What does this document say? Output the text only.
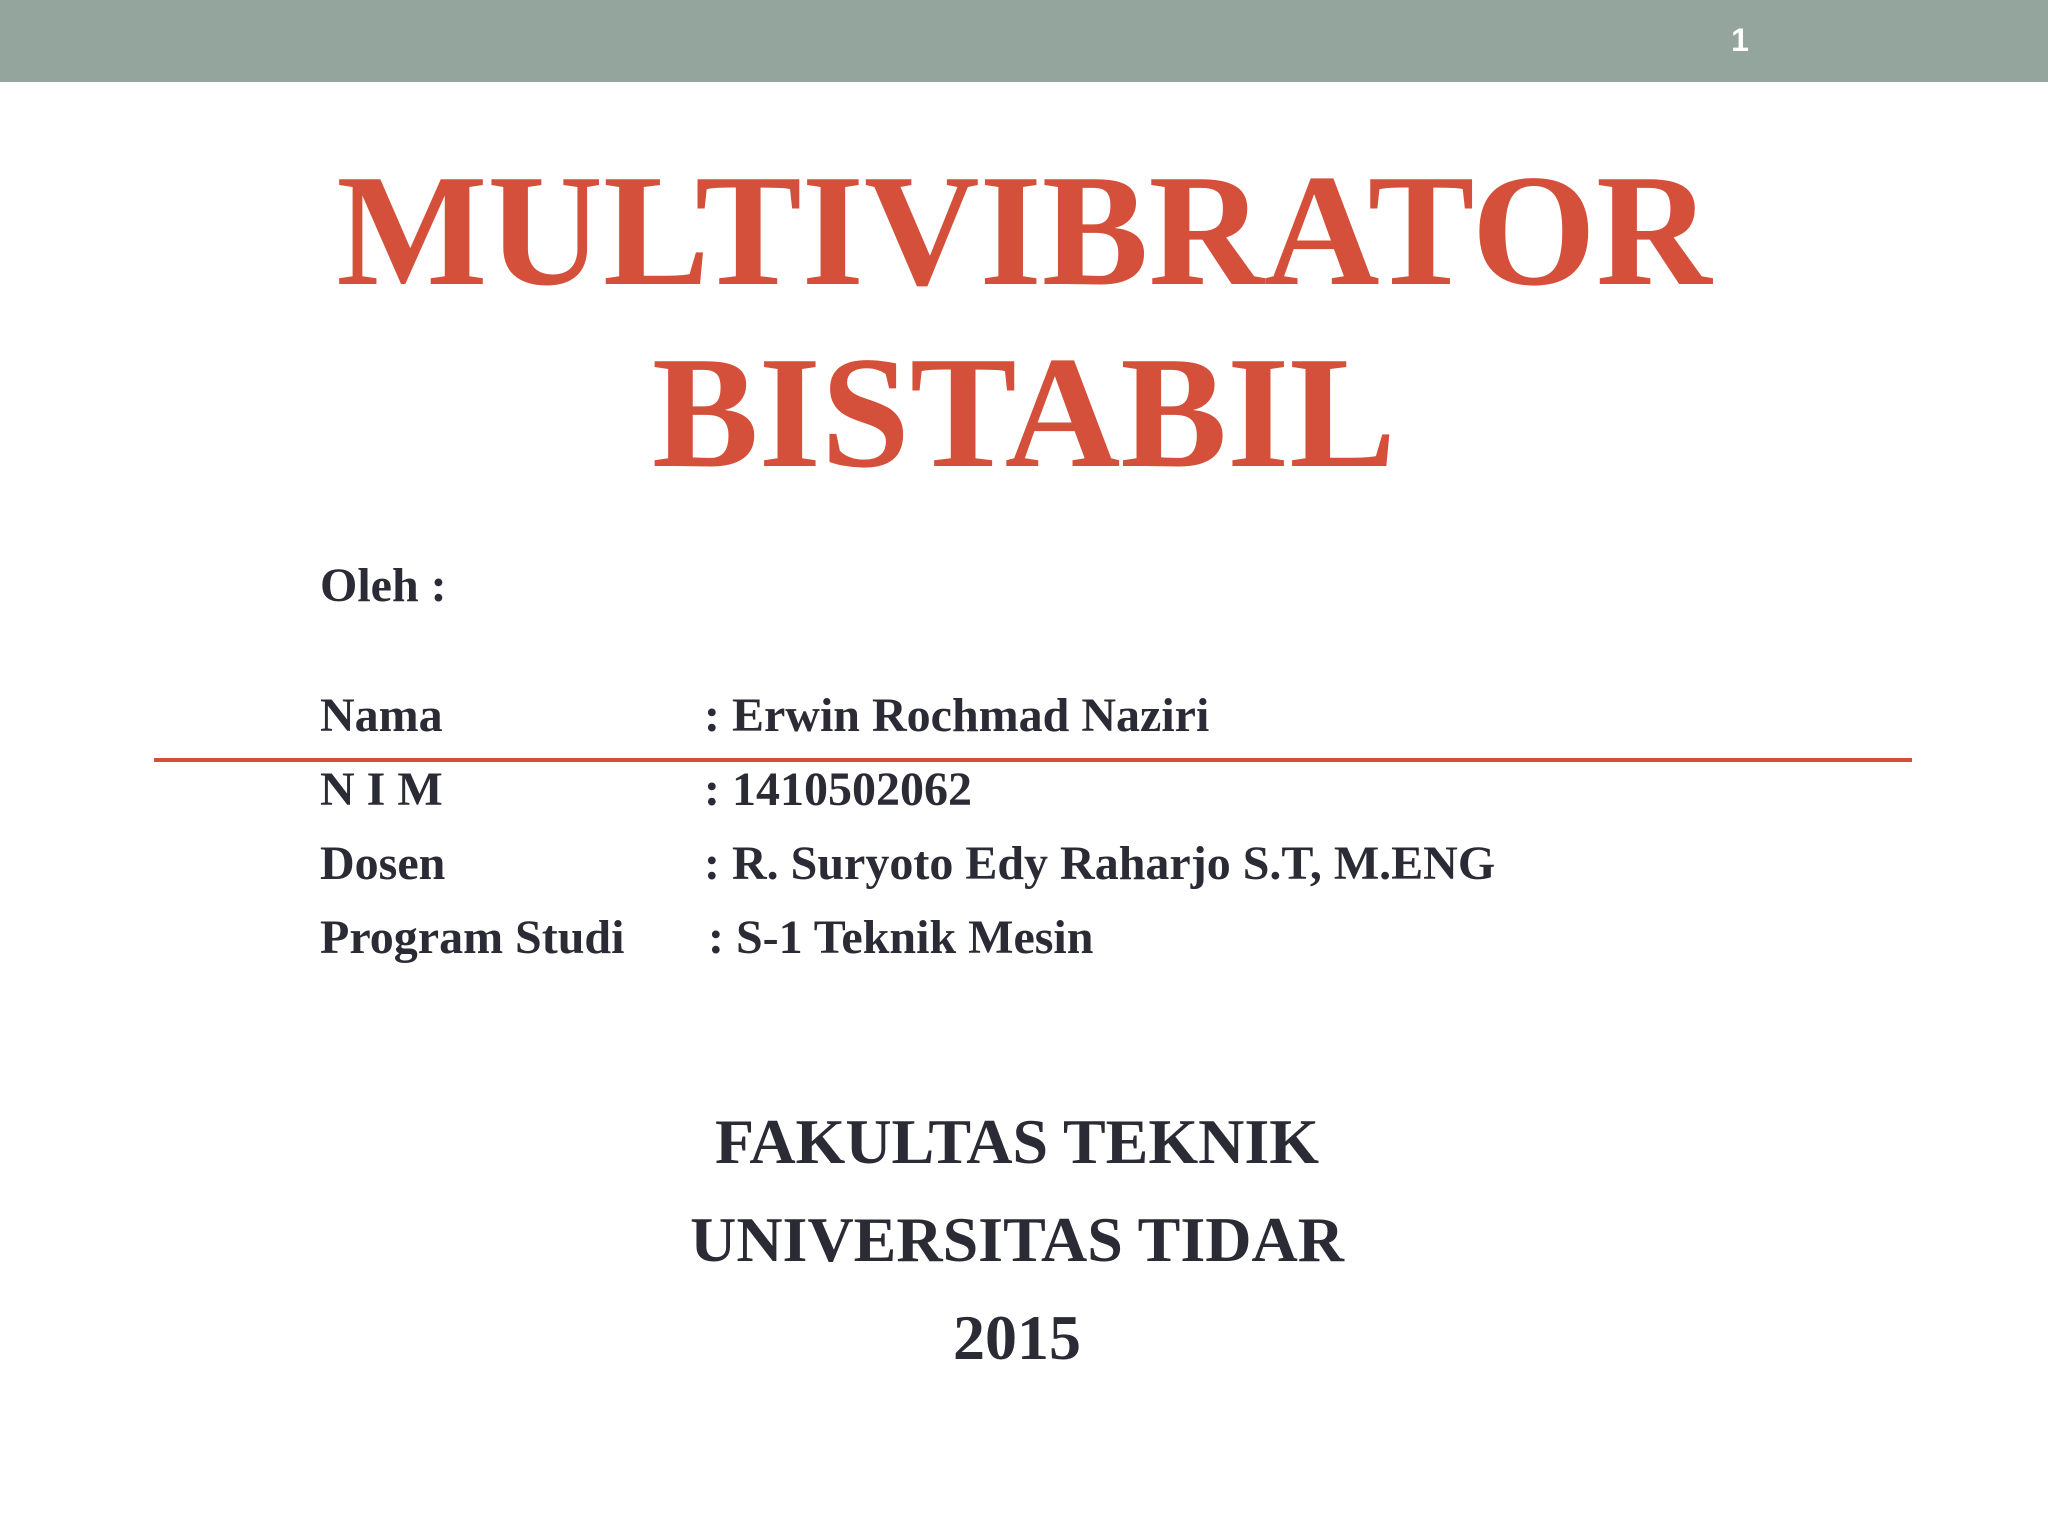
1
MULTIVIBRATOR
BISTABIL
Oleh :
Nama	: Erwin Rochmad Naziri
N I M	: 1410502062
Dosen	: R. Suryoto Edy Raharjo S.T, M.ENG
Program Studi : S-1 Teknik Mesin
FAKULTAS TEKNIK
UNIVERSITAS TIDAR
2015
